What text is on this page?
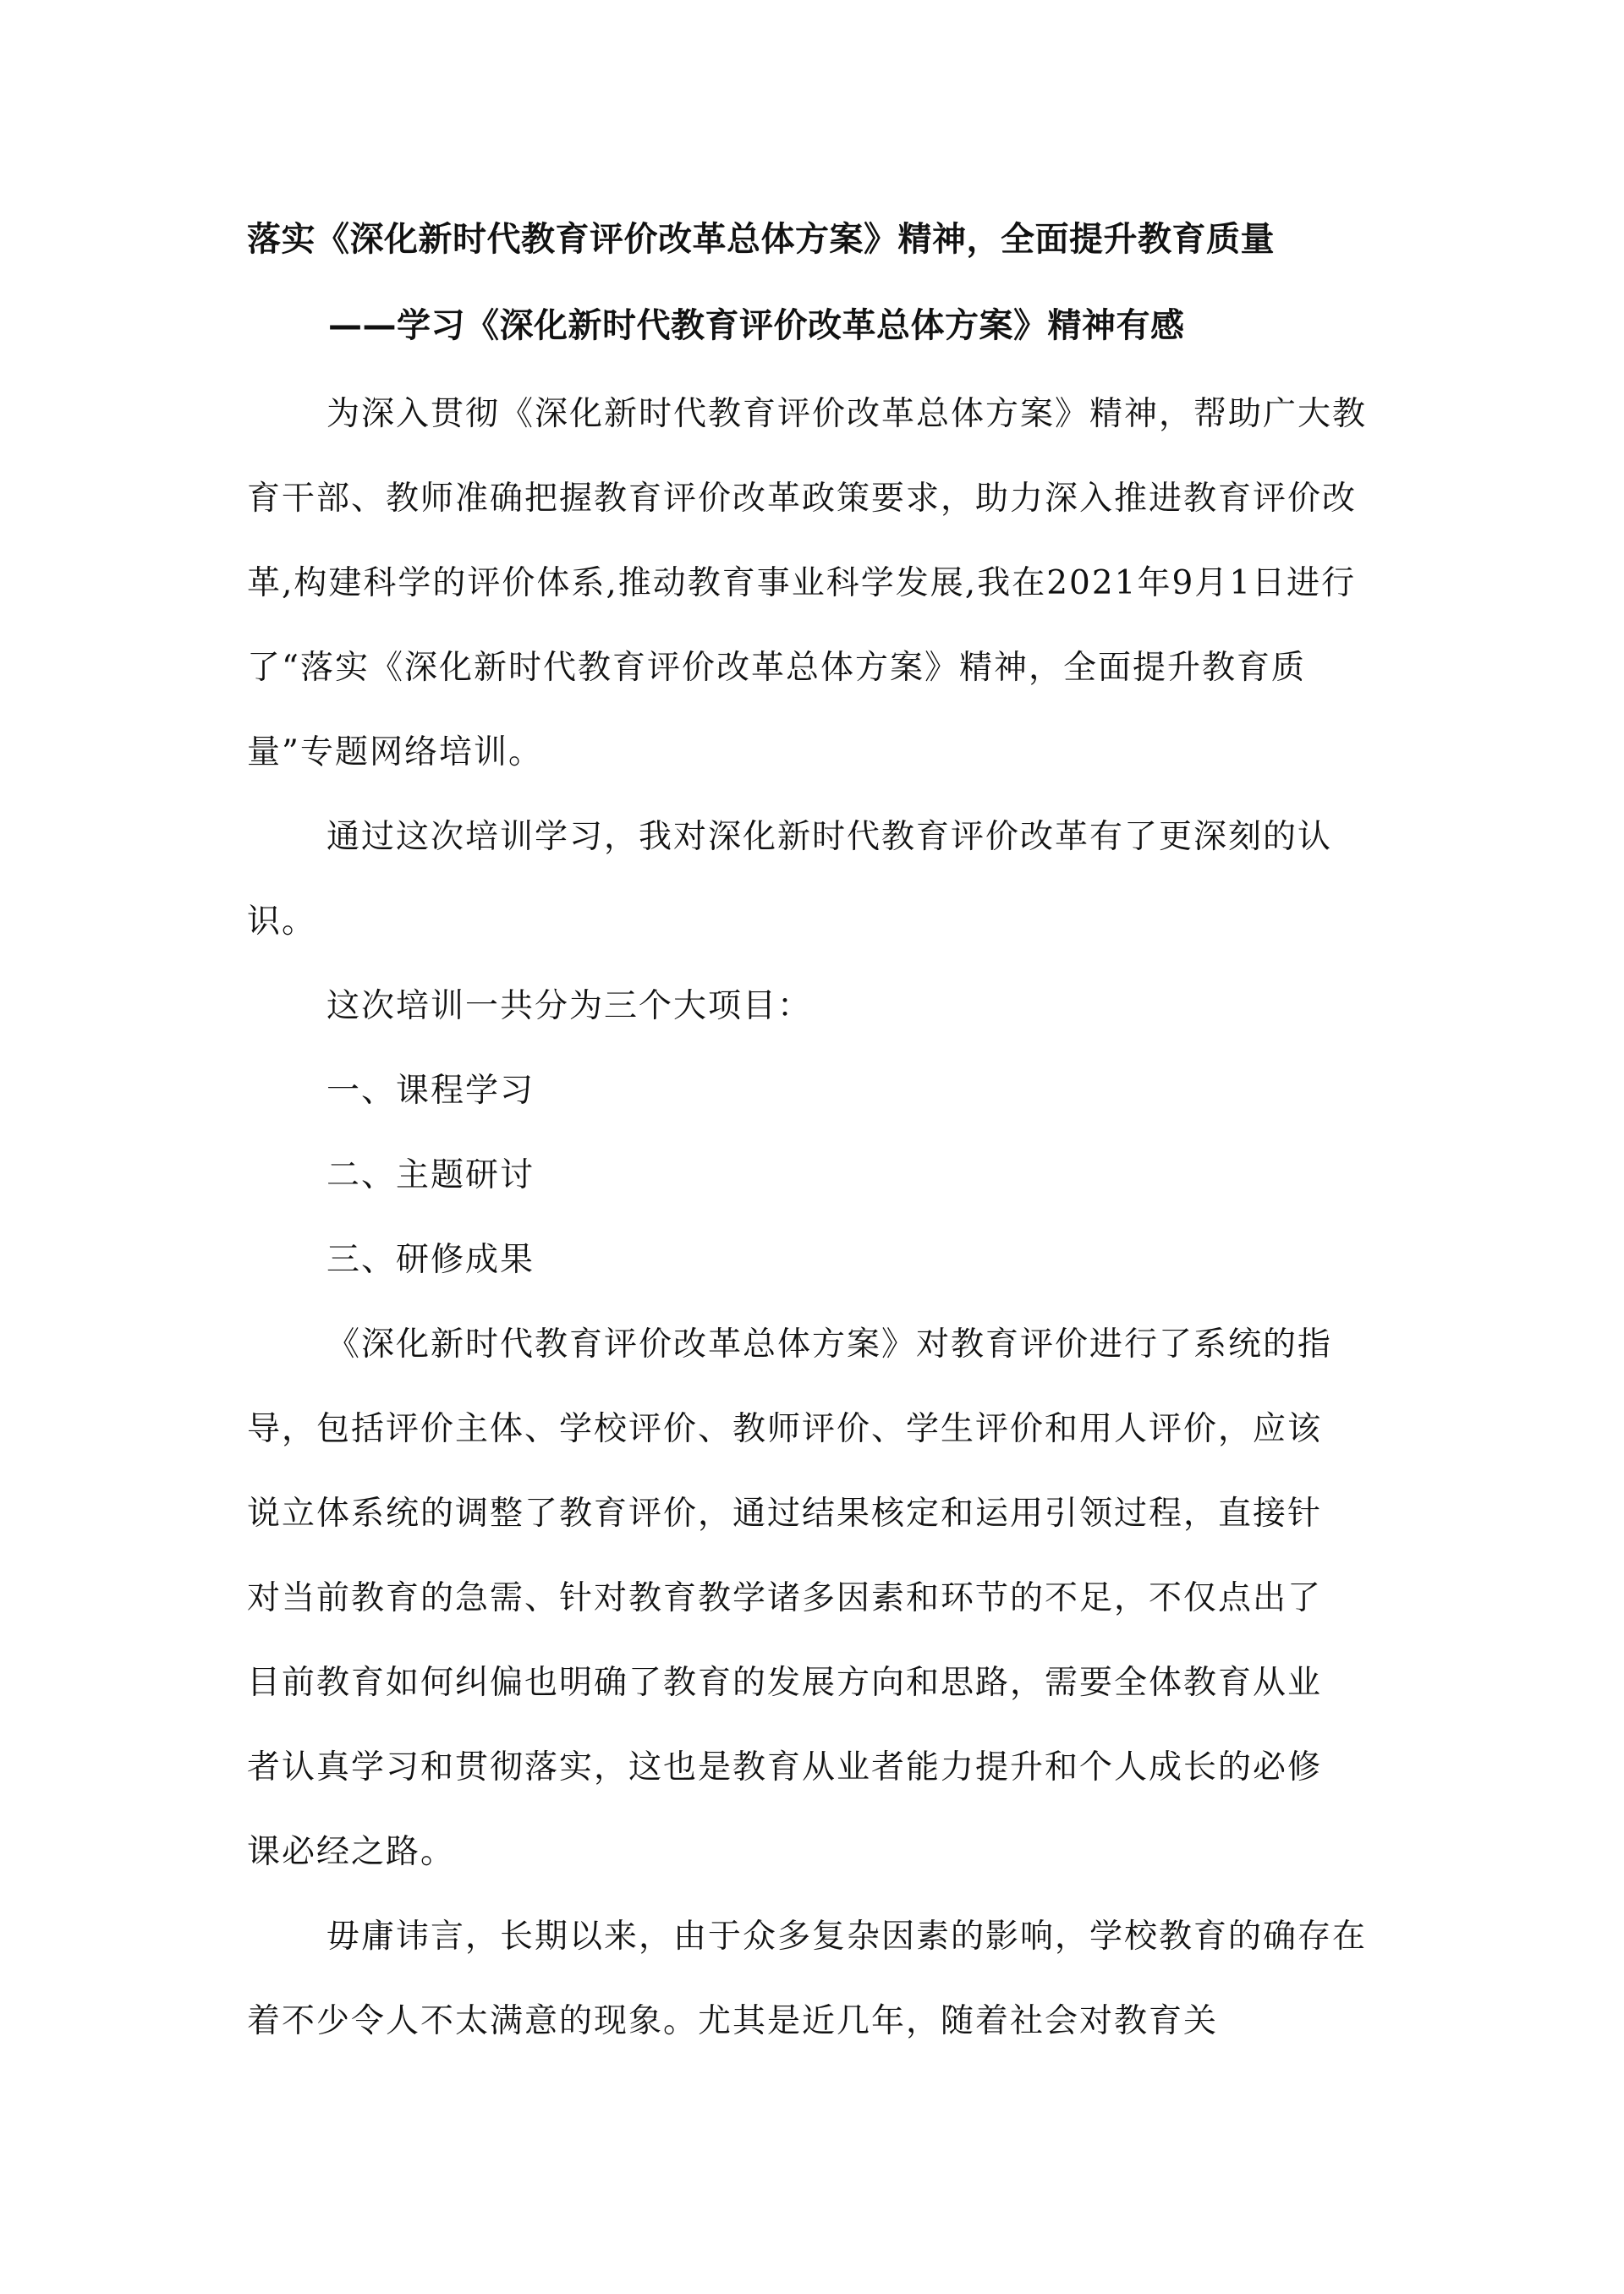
落实《深化新时代教育评价改革总体方案》精神，全面提升教育质量
——学习《深化新时代教育评价改革总体方案》精神有感

为深入贯彻《深化新时代教育评价改革总体方案》精神，帮助广大教育干部、教师准确把握教育评价改革政策要求，助力深入推进教育评价改革,构建科学的评价体系,推动教育事业科学发展,我在2021年9月1日进行了“落实《深化新时代教育评价改革总体方案》精神，全面提升教育质量”专题网络培训。

通过这次培训学习，我对深化新时代教育评价改革有了更深刻的认识。

这次培训一共分为三个大项目：

一、课程学习

二、主题研讨

三、研修成果

《深化新时代教育评价改革总体方案》对教育评价进行了系统的指导，包括评价主体、学校评价、教师评价、学生评价和用人评价，应该说立体系统的调整了教育评价，通过结果核定和运用引领过程，直接针对当前教育的急需、针对教育教学诸多因素和环节的不足，不仅点出了目前教育如何纠偏也明确了教育的发展方向和思路，需要全体教育从业者认真学习和贯彻落实，这也是教育从业者能力提升和个人成长的必修课必经之路。

毋庸讳言，长期以来，由于众多复杂因素的影响，学校教育的确存在着不少令人不太满意的现象。尤其是近几年，随着社会对教育关
